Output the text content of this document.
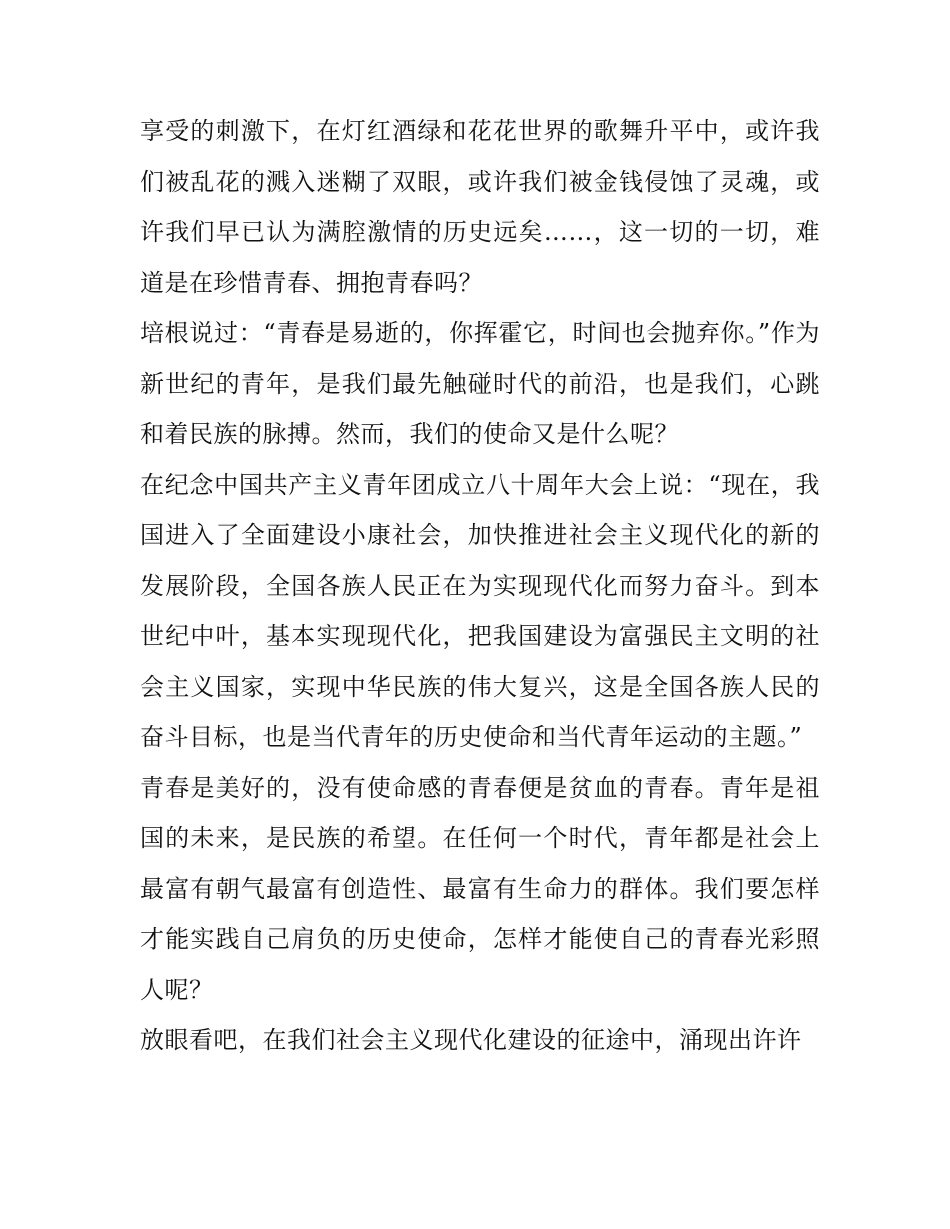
享受的刺激下，在灯红酒绿和花花世界的歌舞升平中，或许我们被乱花的溅入迷糊了双眼，或许我们被金钱侵蚀了灵魂，或许我们早已认为满腔激情的历史远矣……，这一切的一切，难道是在珍惜青春、拥抱青春吗？

培根说过：“青春是易逝的，你挥霍它，时间也会抛弃你。”作为新世纪的青年，是我们最先触碰时代的前沿，也是我们，心跳和着民族的脉搏。然而，我们的使命又是什么呢？

在纪念中国共产主义青年团成立八十周年大会上说：“现在，我国进入了全面建设小康社会，加快推进社会主义现代化的新的发展阶段，全国各族人民正在为实现现代化而努力奋斗。到本世纪中叶，基本实现现代化，把我国建设为富强民主文明的社会主义国家，实现中华民族的伟大复兴，这是全国各族人民的奋斗目标，也是当代青年的历史使命和当代青年运动的主题。”

青春是美好的，没有使命感的青春便是贫血的青春。青年是祖国的未来，是民族的希望。在任何一个时代，青年都是社会上最富有朝气最富有创造性、最富有生命力的群体。我们要怎样才能实践自己肩负的历史使命，怎样才能使自己的青春光彩照人呢？

放眼看吧，在我们社会主义现代化建设的征途中，涌现出许许
